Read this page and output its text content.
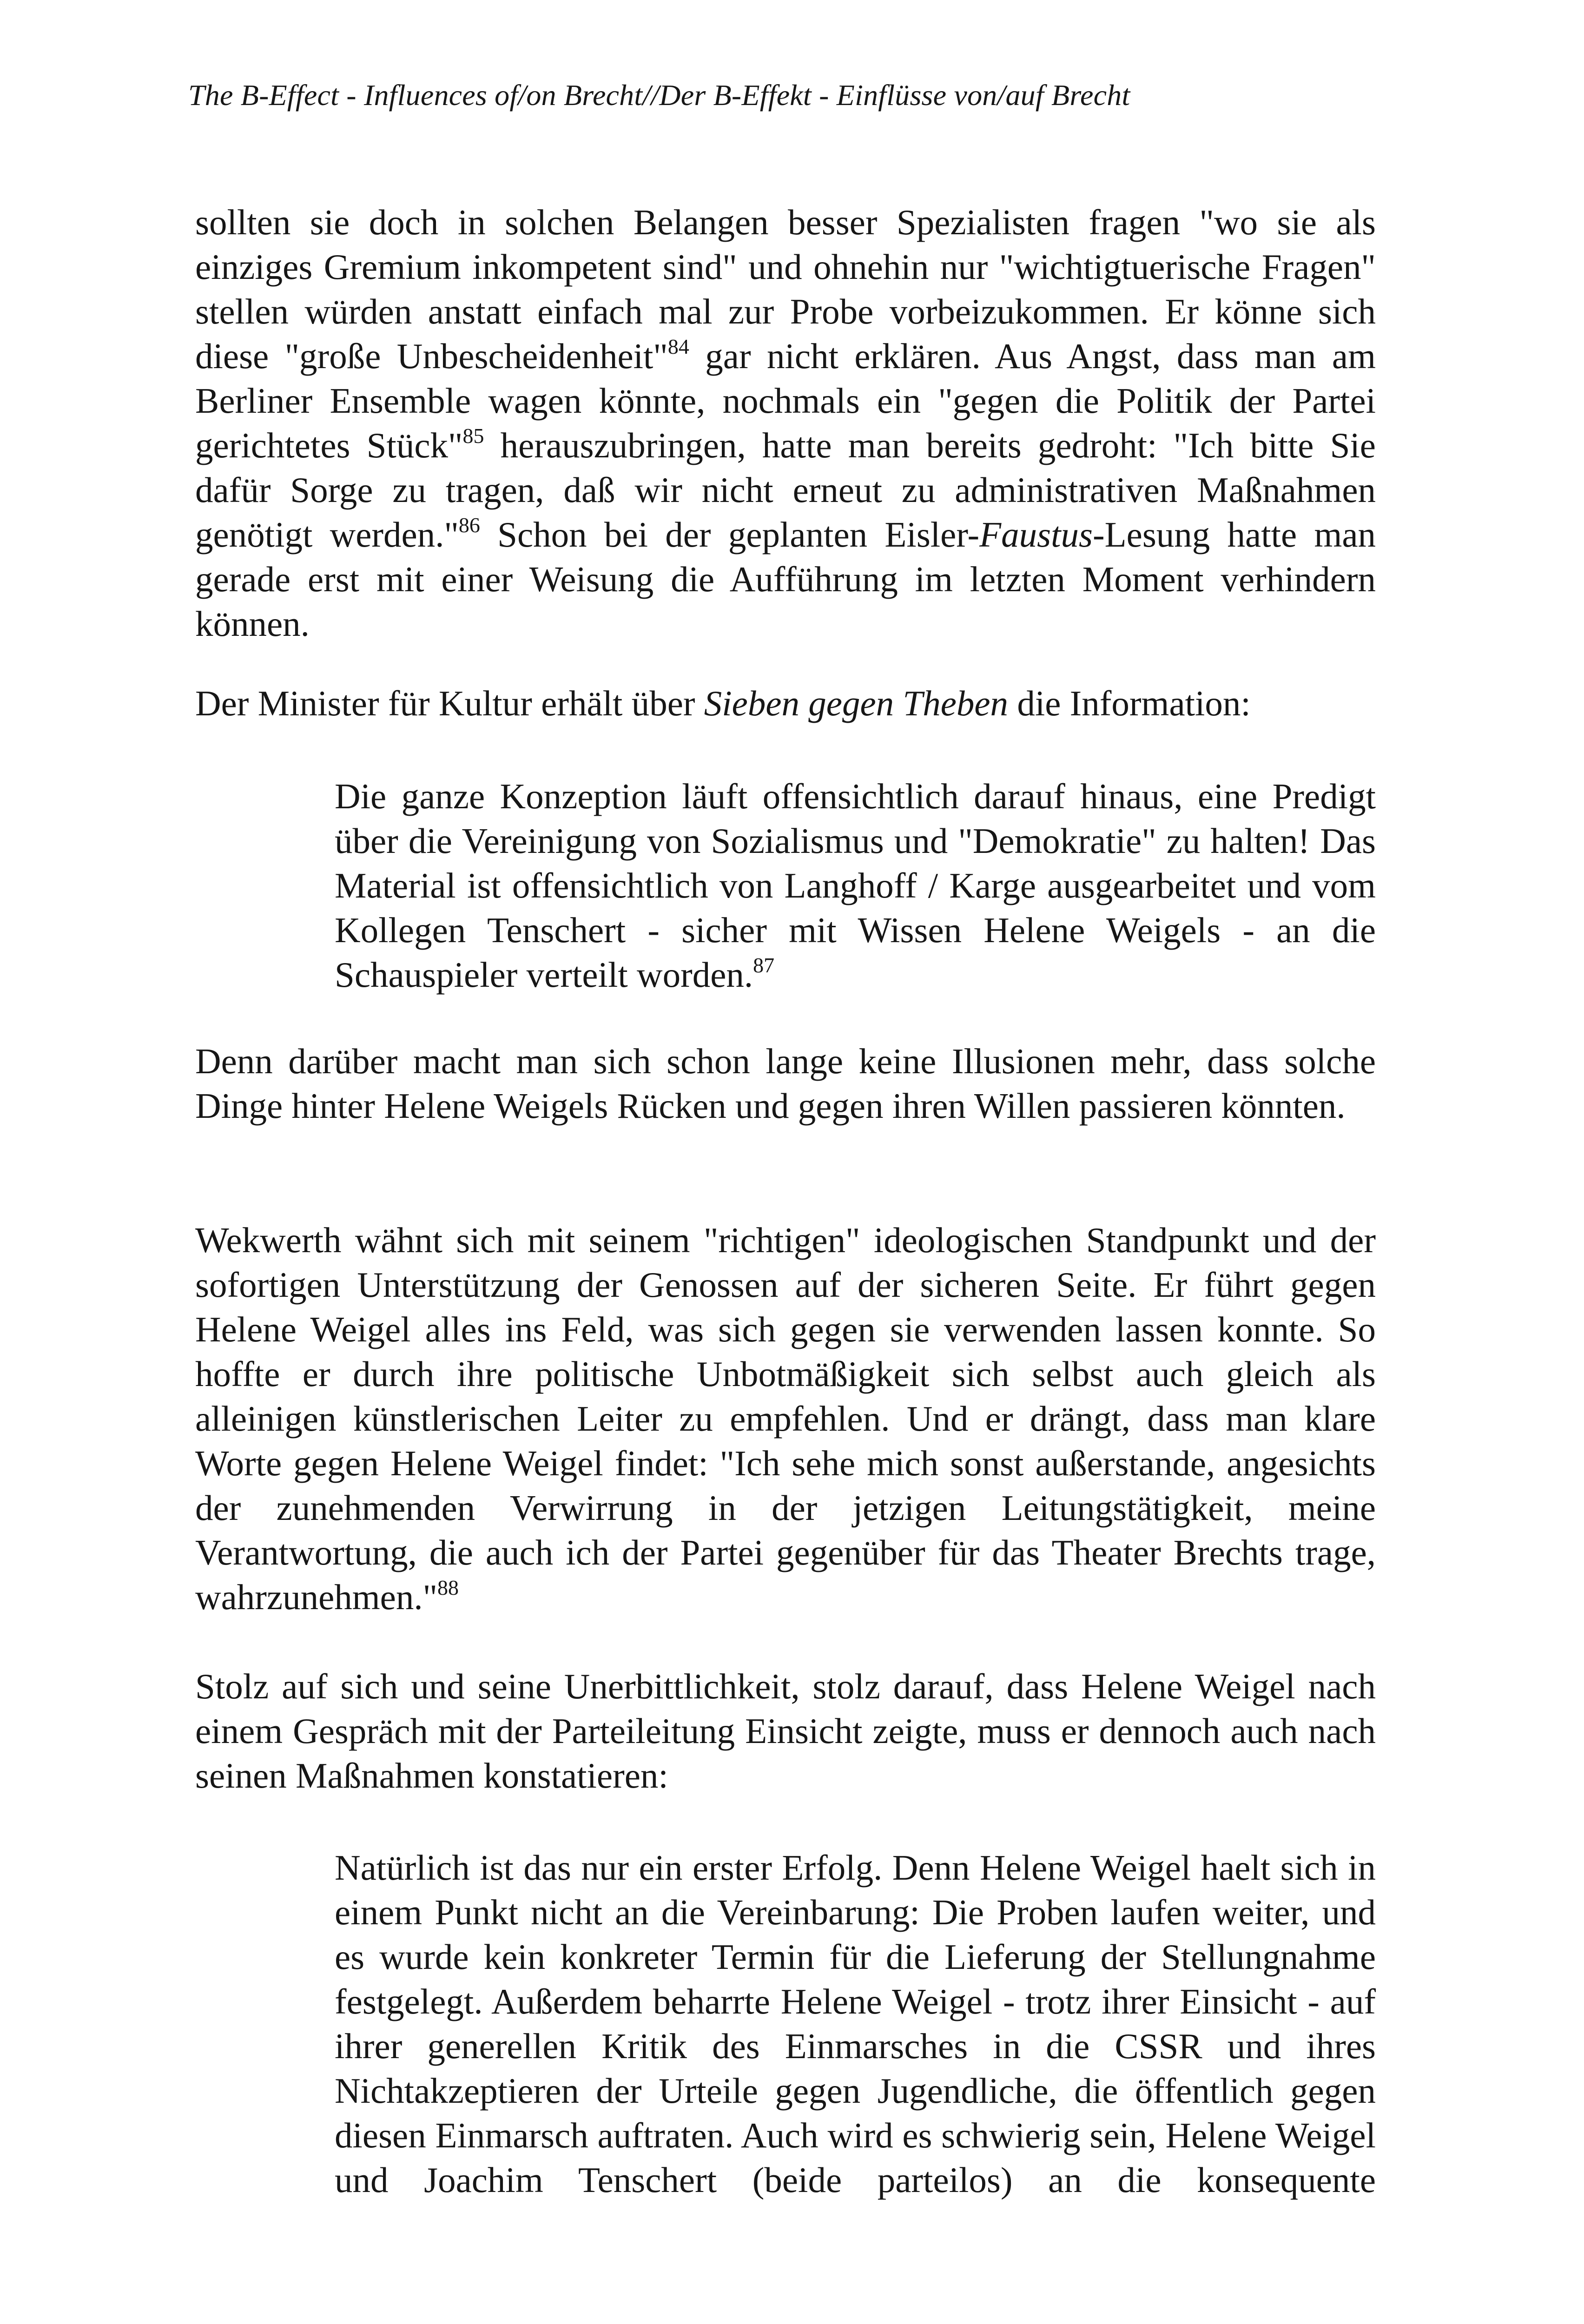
The B-Effect - Influences of/on Brecht//Der B-Effekt - Einflüsse von/auf Brecht

sollten sie doch in solchen Belangen besser Spezialisten fragen "wo sie als einziges Gremium inkompetent sind" und ohnehin nur "wichtigtuerische Fragen" stellen würden anstatt einfach mal zur Probe vorbeizukommen. Er könne sich diese "große Unbescheidenheit"$^{84}$ gar nicht erklären. Aus Angst, dass man am Berliner Ensemble wagen könnte, nochmals ein "gegen die Politik der Partei gerichtetes Stück"$^{85}$ herauszubringen, hatte man bereits gedroht: "Ich bitte Sie dafür Sorge zu tragen, daß wir nicht erneut zu administrativen Maßnahmen genötigt werden."$^{86}$ Schon bei der geplanten Eisler-Faustus-Lesung hatte man gerade erst mit einer Weisung die Aufführung im letzten Moment verhindern können.

Der Minister für Kultur erhält über Sieben gegen Theben die Information:

Die ganze Konzeption läuft offensichtlich darauf hinaus, eine Predigt über die Vereinigung von Sozialismus und "Demokratie" zu halten! Das Material ist offensichtlich von Langhoff / Karge ausgearbeitet und vom Kollegen Tenschert - sicher mit Wissen Helene Weigels - an die Schauspieler verteilt worden.$^{87}$

Denn darüber macht man sich schon lange keine Illusionen mehr, dass solche Dinge hinter Helene Weigels Rücken und gegen ihren Willen passieren könnten.

Wekwerth wähnt sich mit seinem "richtigen" ideologischen Standpunkt und der sofortigen Unterstützung der Genossen auf der sicheren Seite. Er führt gegen Helene Weigel alles ins Feld, was sich gegen sie verwenden lassen konnte. So hoffte er durch ihre politische Unbotmäßigkeit sich selbst auch gleich als alleinigen künstlerischen Leiter zu empfehlen. Und er drängt, dass man klare Worte gegen Helene Weigel findet: "Ich sehe mich sonst außerstande, angesichts der zunehmenden Verwirrung in der jetzigen Leitungstätigkeit, meine Verantwortung, die auch ich der Partei gegenüber für das Theater Brechts trage, wahrzunehmen."$^{88}$

Stolz auf sich und seine Unerbittlichkeit, stolz darauf, dass Helene Weigel nach einem Gespräch mit der Parteileitung Einsicht zeigte, muss er dennoch auch nach seinen Maßnahmen konstatieren:

Natürlich ist das nur ein erster Erfolg. Denn Helene Weigel haelt sich in einem Punkt nicht an die Vereinbarung: Die Proben laufen weiter, und es wurde kein konkreter Termin für die Lieferung der Stellungnahme festgelegt. Außerdem beharrte Helene Weigel - trotz ihrer Einsicht - auf ihrer generellen Kritik des Einmarsches in die CSSR und ihres Nichtakzeptieren der Urteile gegen Jugendliche, die öffentlich gegen diesen Einmarsch auftraten. Auch wird es schwierig sein, Helene Weigel und Joachim Tenschert (beide parteilos) an die konsequente
